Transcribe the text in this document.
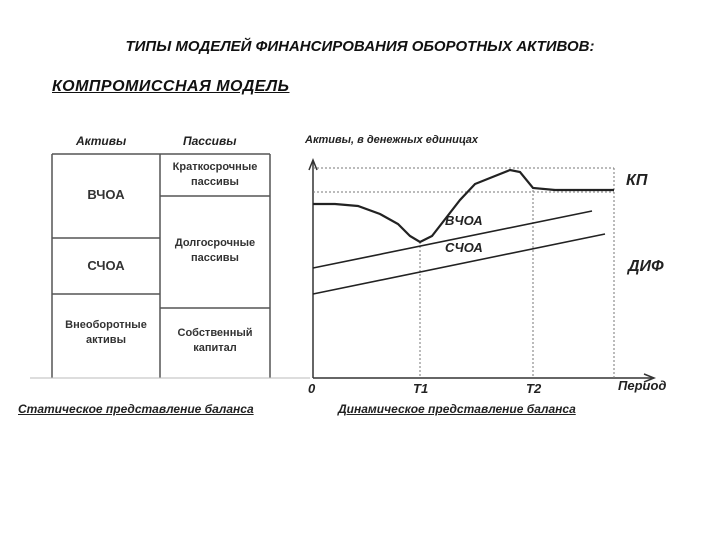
ТИПЫ МОДЕЛЕЙ ФИНАНСИРОВАНИЯ ОБОРОТНЫХ АКТИВОВ:
КОМПРОМИССНАЯ МОДЕЛЬ
Активы	Пассивы
ВЧОА
СЧОА
Внеоборотные активы
Краткосрочные пассивы
Долгосрочные пассивы
Собственный капитал
Статическое представление баланса
Активы, в денежных единицах
Период
0	T1	T2
КП
ДИФ
ВЧОА
СЧОА
Динамическое представление баланса
